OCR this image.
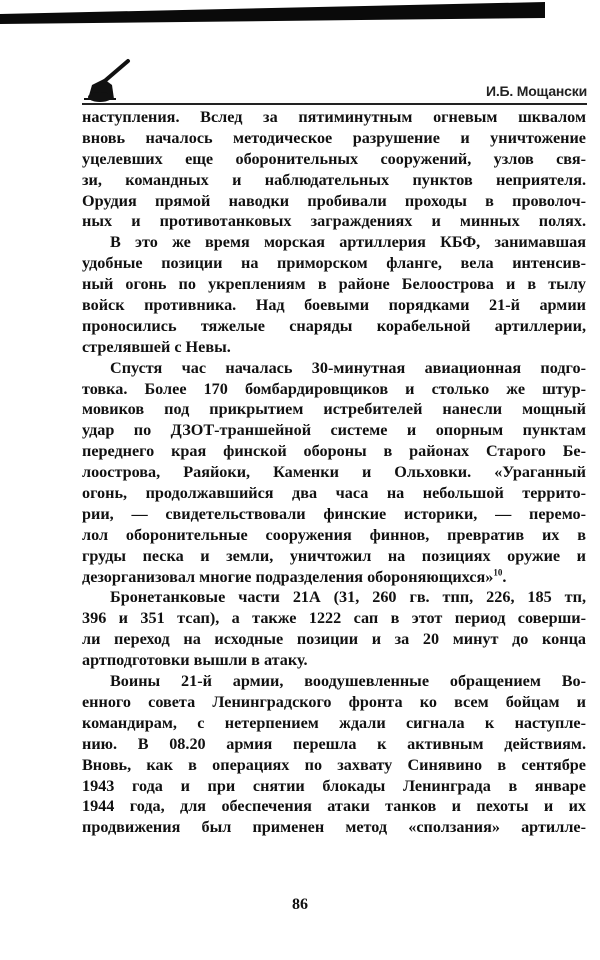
И.Б. Мощански
наступления. Вслед за пятиминутным огневым шквалом
вновь началось методическое разрушение и уничтожение
уцелевших еще оборонительных сооружений, узлов свя-
зи, командных и наблюдательных пунктов неприятеля.
Орудия прямой наводки пробивали проходы в проволоч-
ных и противотанковых заграждениях и минных полях.
В это же время морская артиллерия КБФ, занимавшая
удобные позиции на приморском фланге, вела интенсив-
ный огонь по укреплениям в районе Белоострова и в тылу
войск противника. Над боевыми порядками 21-й армии
проносились тяжелые снаряды корабельной артиллерии,
стрелявшей с Невы.
Спустя час началась 30-минутная авиационная подго-
товка. Более 170 бомбардировщиков и столько же штур-
мовиков под прикрытием истребителей нанесли мощный
удар по ДЗОТ-траншейной системе и опорным пунктам
переднего края финской обороны в районах Старого Бе-
лоострова, Раяйоки, Каменки и Ольховки. «Ураганный
огонь, продолжавшийся два часа на небольшой террито-
рии, — свидетельствовали финские историки, — перемо-
лол оборонительные сооружения финнов, превратив их в
груды песка и земли, уничтожил на позициях оружие и
дезорганизовал многие подразделения обороняющихся»$^{10}$.
Бронетанковые части 21А (31, 260 гв. тпп, 226, 185 тп,
396 и 351 тсап), а также 1222 сап в этот период соверши-
ли переход на исходные позиции и за 20 минут до конца
артподготовки вышли в атаку.
Воины 21-й армии, воодушевленные обращением Во-
енного совета Ленинградского фронта ко всем бойцам и
командирам, с нетерпением ждали сигнала к наступле-
нию. В 08.20 армия перешла к активным действиям.
Вновь, как в операциях по захвату Синявино в сентябре
1943 года и при снятии блокады Ленинграда в январе
1944 года, для обеспечения атаки танков и пехоты и их
продвижения был применен метод «сползания» артилле-
86
